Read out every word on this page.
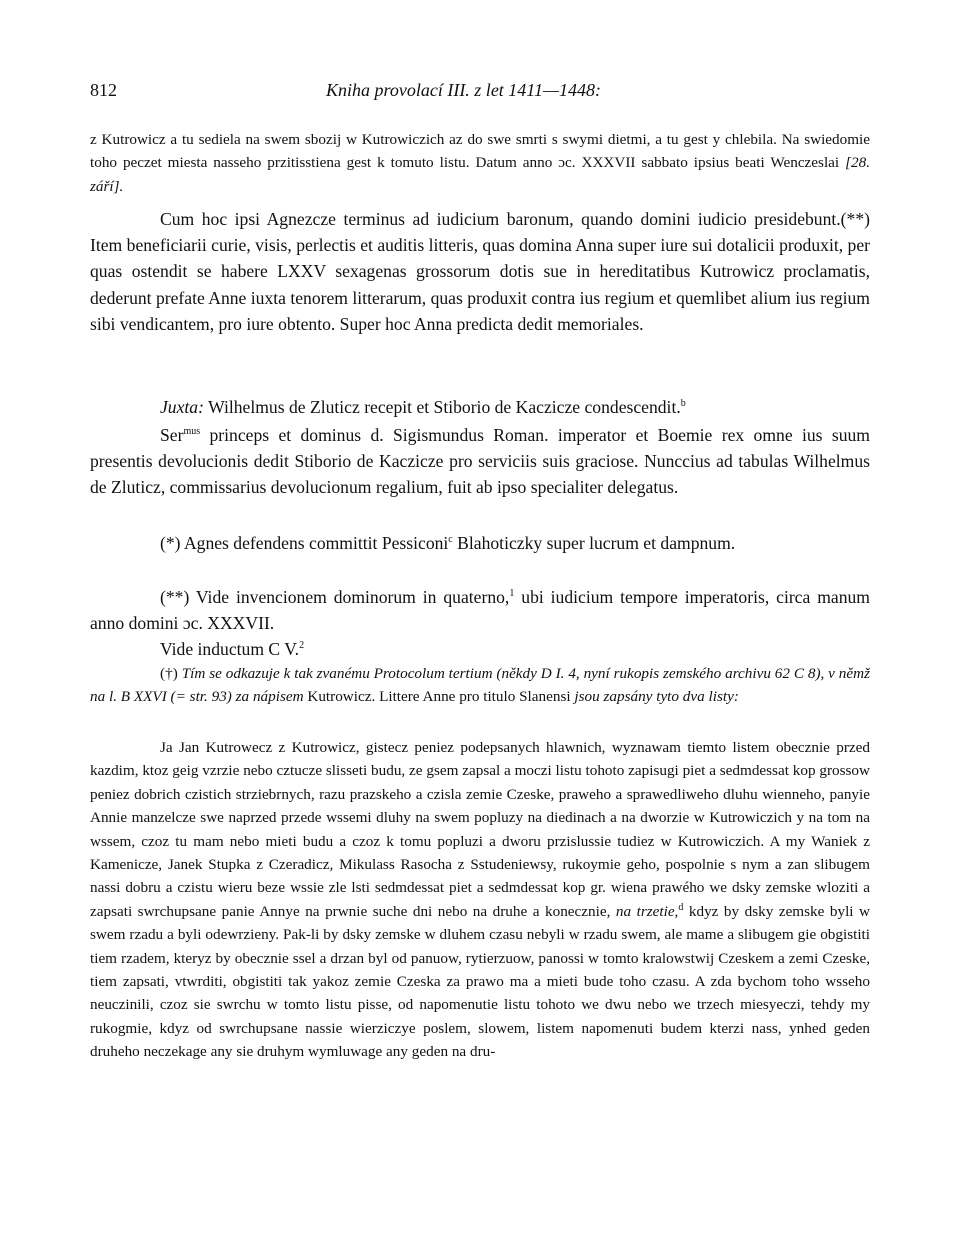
812	Kniha provolací III. z let 1411—1448:

z Kutrowicz a tu sediela na swem sbozij w Kutrowiczich az do swe smrti s swymi dietmi, a tu gest y chlebila. Na swiedomie toho peczet miesta nasseho przitisstiena gest k tomuto listu. Datum anno ɔc. XXXVII sabbato ipsius beati Wenczeslai [28. září].

Cum hoc ipsi Agnezcze terminus ad iudicium baronum, quando domini iudicio presidebunt.(**) Item beneficiarii curie, visis, perlectis et auditis litteris, quas domina Anna super iure sui dotalicii produxit, per quas ostendit se habere LXXV sexagenas grossorum dotis sue in hereditatibus Kutrowicz proclamatis, dederunt prefate Anne iuxta tenorem litterarum, quas produxit contra ius regium et quemlibet alium ius regium sibi vendicantem, pro iure obtento. Super hoc Anna predicta dedit memoriales.

Juxta: Wilhelmus de Zluticz recepit et Stiborio de Kaczicze condescendit.$^b$

Ser$^{mus}$ princeps et dominus d. Sigismundus Roman. imperator et Boemie rex omne ius suum presentis devolucionis dedit Stiborio de Kaczicze pro serviciis suis graciose. Nunccius ad tabulas Wilhelmus de Zluticz, commissarius devolucionum regalium, fuit ab ipso specialiter delegatus.

(*) Agnes defendens committit Pessiconi$^c$ Blahoticzky super lucrum et dampnum.

(**) Vide invencionem dominorum in quaterno,$^1$ ubi iudicium tempore imperatoris, circa manum anno domini ɔc. XXXVII.

Vide inductum C V.$^2$

(†) Tím se odkazuje k tak zvanému Protocolum tertium (někdy D I. 4, nyní rukopis zemského archivu 62 C 8), v němž na l. B XXVI (= str. 93) za nápisem Kutrowicz. Littere Anne pro titulo Slanensi jsou zapsány tyto dva listy:

Ja Jan Kutrowecz z Kutrowicz, gistecz peniez podepsanych hlawnich, wyznawam tiemto listem obecznie przed kazdim, ktoz geig vzrzie nebo cztucze slisseti budu, ze gsem zapsal a moczi listu tohoto zapisugi piet a sedmdessat kop grossow peniez dobrich czistich strziebrnych, razu prazskeho a czisla zemie Czeske, praweho a sprawedliweho dluhu wienneho, panyie Annie manzelcze swe naprzed przede wssemi dluhy na swem popluzy na diedinach a na dworzie w Kutrowiczich y na tom na wssem, czoz tu mam nebo mieti budu a czoz k tomu popluzi a dworu przislussie tudiez w Kutrowiczich. A my Waniek z Kamenicze, Janek Stupka z Czeradicz, Mikulass Rasocha z Sstudeniewsy, rukoymie geho, pospolnie s nym a zan slibugem nassi dobru a czistu wieru beze wssie zle lsti sedmdessat piet a sedmdessat kop gr. wiena prawého we dsky zemske wloziti a zapsati swrchupsane panie Annye na prwnie suche dni nebo na druhe a konecznie, na trzetie,$^d$ kdyz by dsky zemske byli w swem rzadu a byli odewrzieny. Pak-li by dsky zemske w dluhem czasu nebyli w rzadu swem, ale mame a slibugem gie obgistiti tiem rzadem, kteryz by obecznie ssel a drzan byl od panuow, rytierzuow, panossi w tomto kralowstwij Czeskem a zemi Czeske, tiem zapsati, vtwrditi, obgistiti tak yakoz zemie Czeska za prawo ma a mieti bude toho czasu. A zda bychom toho wsseho neuczinili, czoz sie swrchu w tomto listu pisse, od napomenutie listu tohoto we dwu nebo we trzech miesyeczi, tehdy my rukogmie, kdyz od swrchupsane nassie wierziczye poslem, slowem, listem napomenuti budem kterzi nass, ynhed geden druheho neczekage any sie druhym wymluwage any geden na dru-
